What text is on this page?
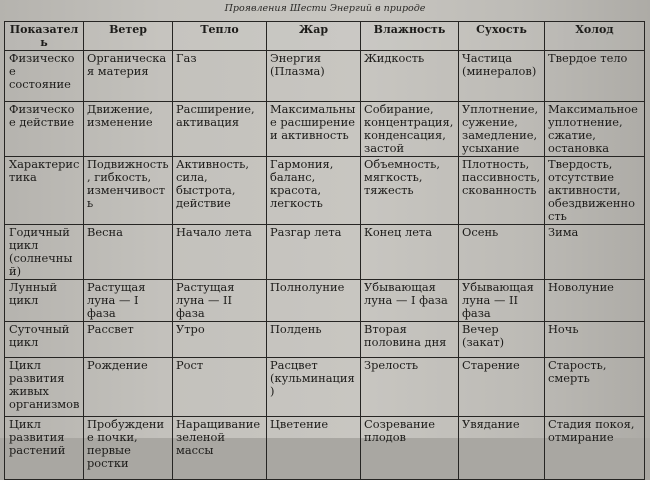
Проявления Шести Энергий в природе
Показатель	Ветер	Тепло	Жар	Влажность	Сухость	Холод
Физическое состояние	Органическая материя	Газ	Энергия (Плазма)	Жидкость	Частица (минералов)	Твердое тело
Физическое действие	Движение, изменение	Расширение, активация	Максимальные расширение и активность	Собирание, концентрация, конденсация, застой	Уплотнение, сужение, замедление, усыхание	Максимальное уплотнение, сжатие, остановка
Характеристика	Подвижность, гибкость, изменчивость	Активность, сила, быстрота, действие	Гармония, баланс, красота, легкость	Объемность, мягкость, тяжесть	Плотность, пассивность, скованность	Твердость, отсутствие активности, обездвиженность
Годичный цикл (солнечный)	Весна	Начало лета	Разгар лета	Конец лета	Осень	Зима
Лунный цикл	Растущая луна — I фаза	Растущая луна — II фаза	Полнолуние	Убывающая луна — I фаза	Убывающая луна — II фаза	Новолуние
Суточный цикл	Рассвет	Утро	Полдень	Вторая половина дня	Вечер (закат)	Ночь
Цикл развития живых организмов	Рождение	Рост	Расцвет (кульминация)	Зрелость	Старение	Старость, смерть
Цикл развития растений	Пробуждение почки, первые ростки	Наращивание зеленой массы	Цветение	Созревание плодов	Увядание	Стадия покоя, отмирание
